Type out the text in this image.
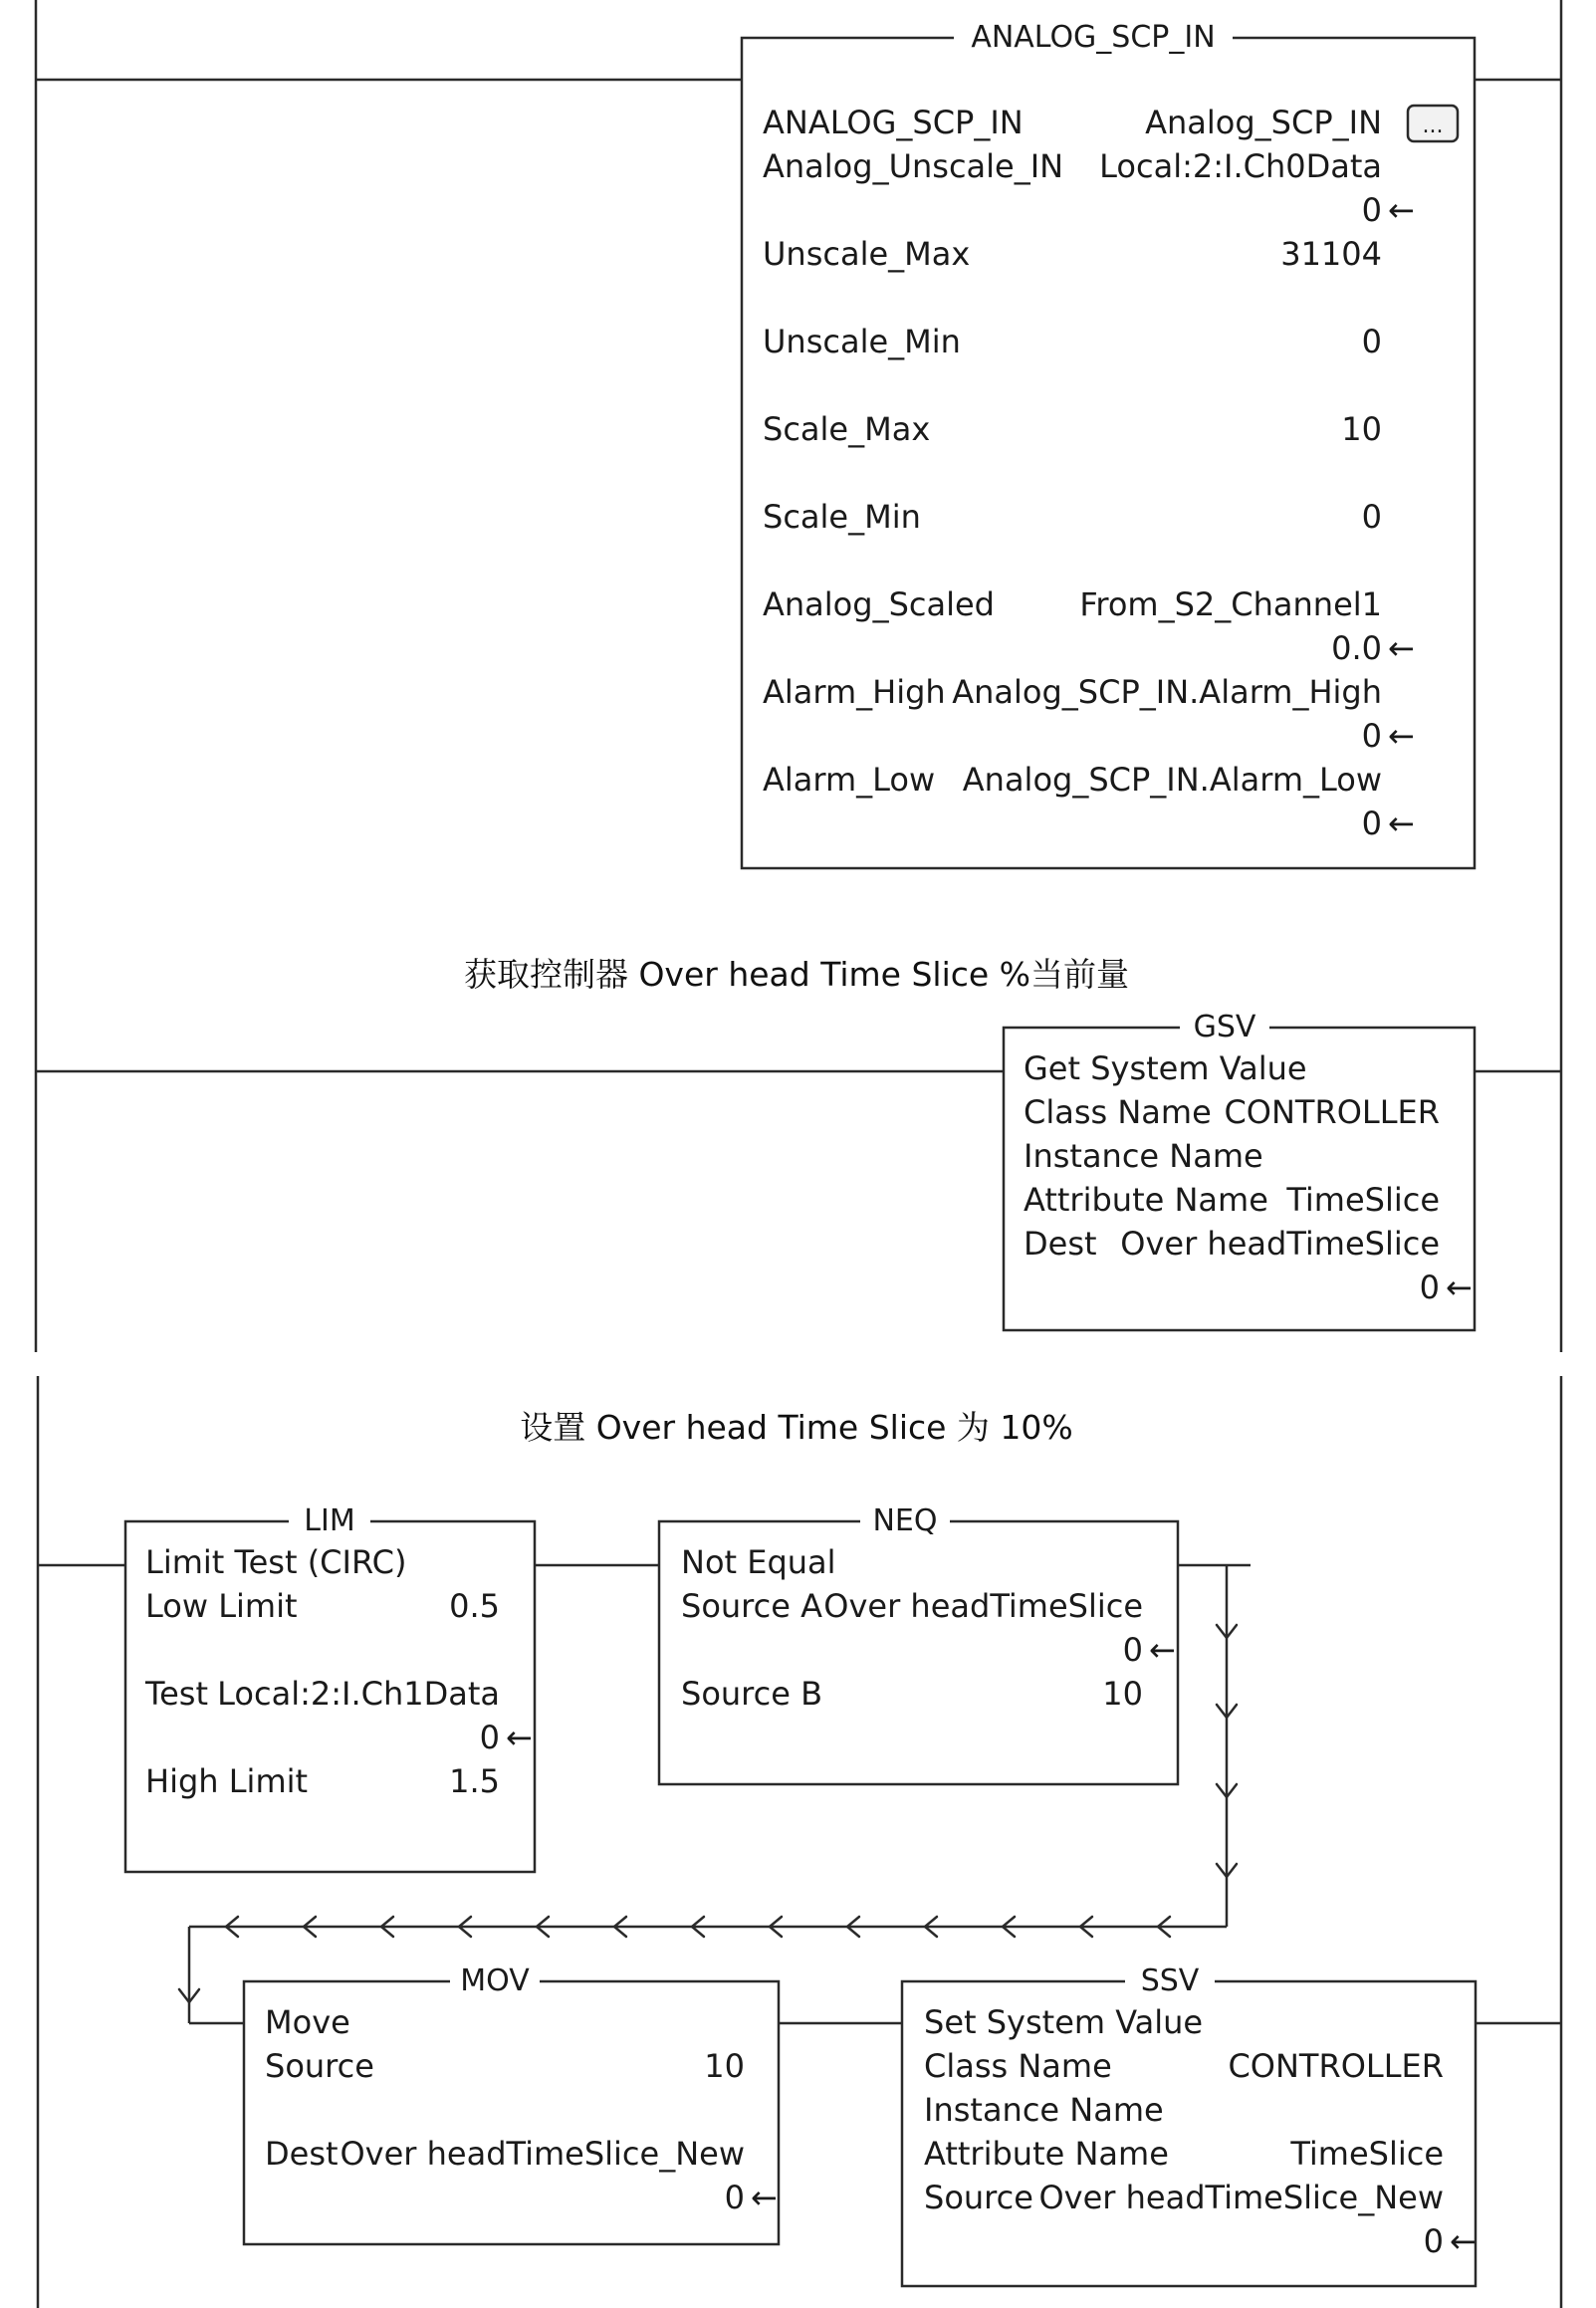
ANALOG_SCP_IN
ANALOG_SCP_IN	Analog_SCP_IN ...
Analog_Unscale_IN Local:2:I.Ch0Data
0 ←
Unscale_Max	31104
Unscale_Min	0
Scale_Max	10
Scale_Min	0
Analog_Scaled	From_S2_Channel1
0.0 ←
Alarm_High Analog_SCP_IN.Alarm_High
0 ←
Alarm_Low Analog_SCP_IN.Alarm_Low
0 ←
获取控制器 Over head Time Slice %当前量
GSV
Get System Value
Class Name CONTROLLER
Instance Name
Attribute Name TimeSlice
Dest Over headTimeSlice
0 ←
设置 Over head Time Slice 为 10%
LIM
Limit Test (CIRC)
Low Limit	0.5
Test Local:2:I.Ch1Data
0 ←
High Limit	1.5
NEQ
Not Equal
Source A Over headTimeSlice
0 ←
Source B	10
MOV
Move
Source	10
Dest Over headTimeSlice_New
0 ←
SSV
Set System Value
Class Name	CONTROLLER
Instance Name
Attribute Name	TimeSlice
Source Over headTimeSlice_New
0 ←
